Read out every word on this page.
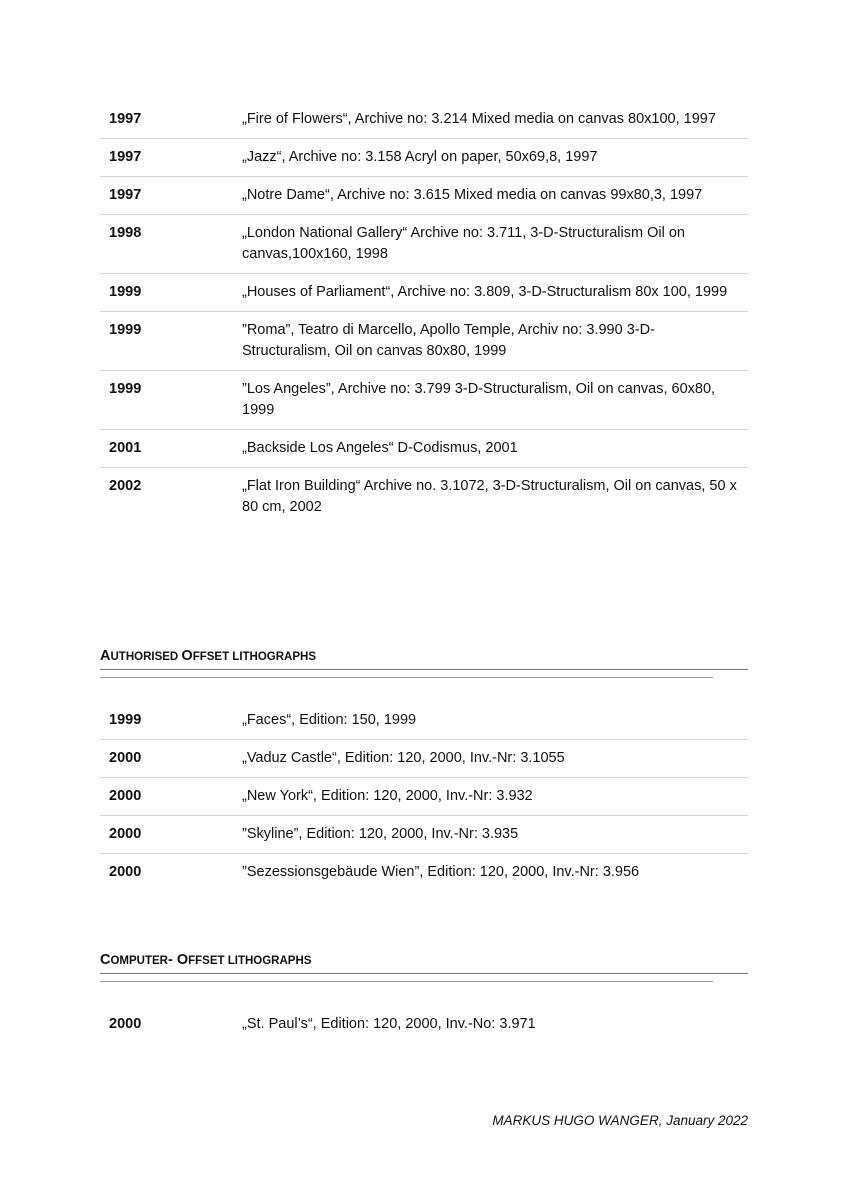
1997	„Fire of Flowers“, Archive no: 3.214 Mixed media on canvas 80x100, 1997
1997	„Jazz“, Archive no: 3.158 Acryl on paper, 50x69,8, 1997
1997	„Notre Dame“, Archive no: 3.615 Mixed media on canvas 99x80,3, 1997
1998	„London National Gallery“ Archive no: 3.711, 3-D-Structuralism Oil on canvas,100x160, 1998
1999	„Houses of Parliament“, Archive no: 3.809, 3-D-Structuralism 80x 100, 1999
1999	”Roma”, Teatro di Marcello, Apollo Temple, Archiv no: 3.990 3-D-Structuralism, Oil on canvas 80x80, 1999
1999	”Los Angeles”, Archive no: 3.799 3-D-Structuralism, Oil on canvas, 60x80, 1999
2001	„Backside Los Angeles“ D-Codismus, 2001
2002	„Flat Iron Building“ Archive no. 3.1072, 3-D-Structuralism, Oil on canvas, 50 x 80 cm, 2002
AUTHORISED OFFSET LITHOGRAPHS
1999	„Faces“, Edition: 150, 1999
2000	„Vaduz Castle“, Edition: 120, 2000, Inv.-Nr: 3.1055
2000	„New York“, Edition: 120, 2000, Inv.-Nr: 3.932
2000	”Skyline”, Edition: 120, 2000, Inv.-Nr: 3.935
2000	”Sezessionsgebäude Wien”, Edition: 120, 2000, Inv.-Nr: 3.956
COMPUTER- OFFSET LITHOGRAPHS
2000	„St. Paul’s“, Edition: 120, 2000, Inv.-No: 3.971
MARKUS HUGO WANGER, January 2022
